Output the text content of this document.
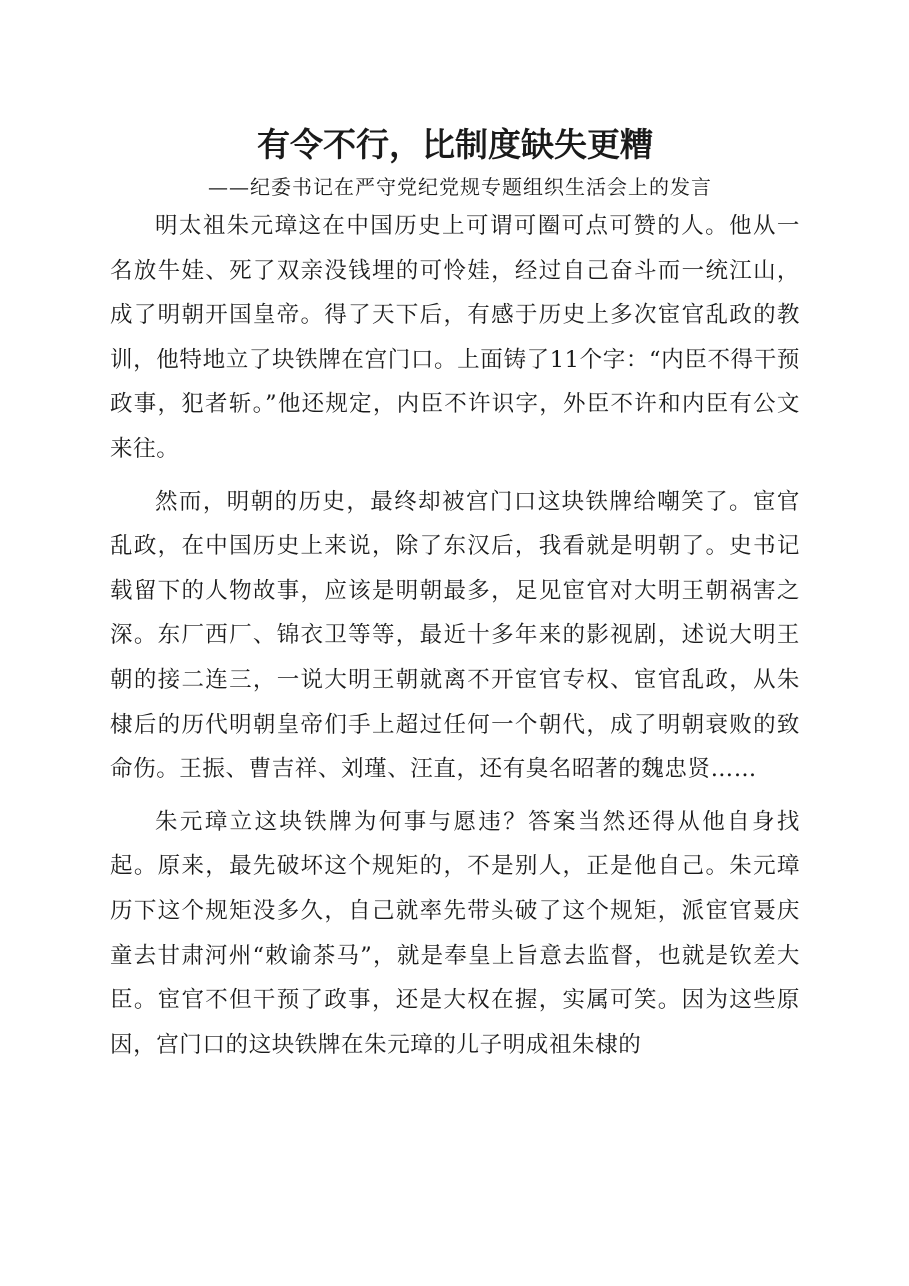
有令不行，比制度缺失更糟

——纪委书记在严守党纪党规专题组织生活会上的发言

明太祖朱元璋这在中国历史上可谓可圈可点可赞的人。他从一名放牛娃、死了双亲没钱埋的可怜娃，经过自己奋斗而一统江山，成了明朝开国皇帝。得了天下后，有感于历史上多次宦官乱政的教训，他特地立了块铁牌在宫门口。上面铸了11个字：“内臣不得干预政事，犯者斩。”他还规定，内臣不许识字，外臣不许和内臣有公文来往。

然而，明朝的历史，最终却被宫门口这块铁牌给嘲笑了。宦官乱政，在中国历史上来说，除了东汉后，我看就是明朝了。史书记载留下的人物故事，应该是明朝最多，足见宦官对大明王朝祸害之深。东厂西厂、锦衣卫等等，最近十多年来的影视剧，述说大明王朝的接二连三，一说大明王朝就离不开宦官专权、宦官乱政，从朱棣后的历代明朝皇帝们手上超过任何一个朝代，成了明朝衰败的致命伤。王振、曹吉祥、刘瑾、汪直，还有臭名昭著的魏忠贤……

朱元璋立这块铁牌为何事与愿违？答案当然还得从他自身找起。原来，最先破坏这个规矩的，不是别人，正是他自己。朱元璋历下这个规矩没多久，自己就率先带头破了这个规矩，派宦官聂庆童去甘肃河州“敕谕茶马”，就是奉皇上旨意去监督，也就是钦差大臣。宦官不但干预了政事，还是大权在握，实属可笑。因为这些原因，宫门口的这块铁牌在朱元璋的儿子明成祖朱棣的
